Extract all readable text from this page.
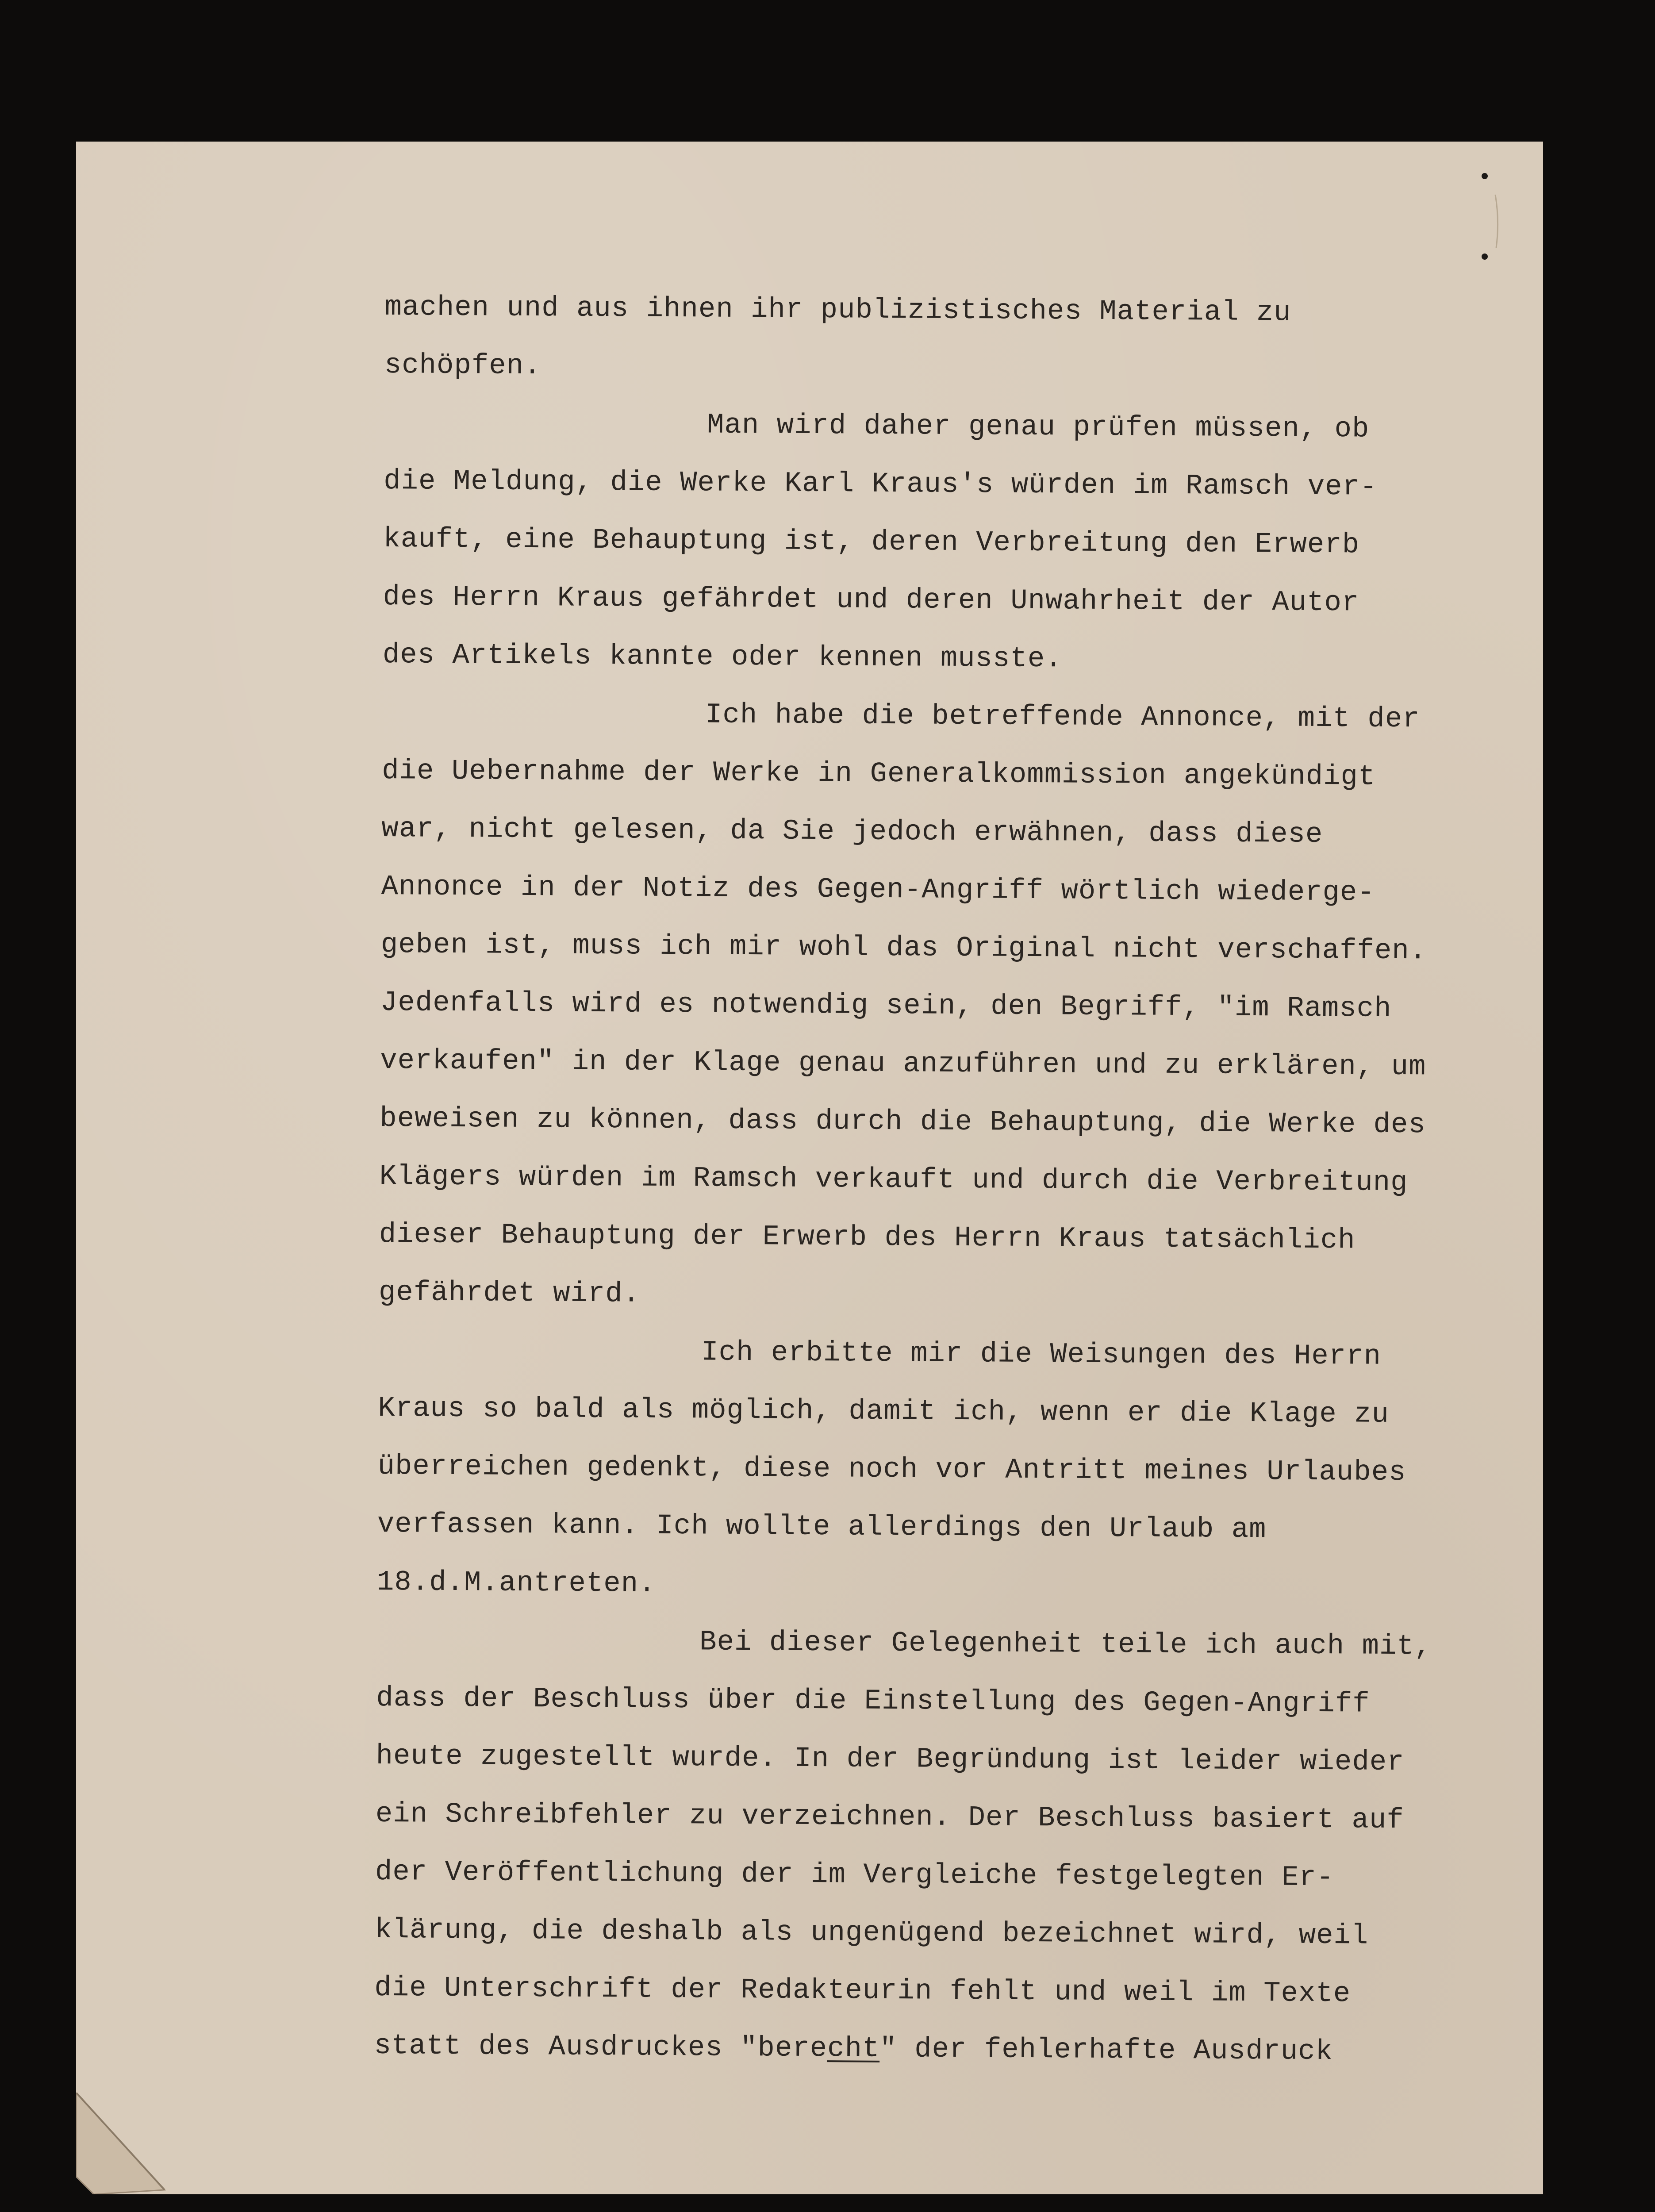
machen und aus ihnen ihr publizistisches Material zu
schöpfen.
Man wird daher genau prüfen müssen, ob
die Meldung, die Werke Karl Kraus's würden im Ramsch ver-
kauft, eine Behauptung ist, deren Verbreitung den Erwerb
des Herrn Kraus gefährdet und deren Unwahrheit der Autor
des Artikels kannte oder kennen musste.
Ich habe die betreffende Annonce, mit der
die Uebernahme der Werke in Generalkommission angekündigt
war, nicht gelesen, da Sie jedoch erwähnen, dass diese
Annonce in der Notiz des Gegen-Angriff wörtlich wiederge-
geben ist, muss ich mir wohl das Original nicht verschaffen.
Jedenfalls wird es notwendig sein, den Begriff, "im Ramsch
verkaufen" in der Klage genau anzuführen und zu erklären, um
beweisen zu können, dass durch die Behauptung, die Werke des
Klägers würden im Ramsch verkauft und durch die Verbreitung
dieser Behauptung der Erwerb des Herrn Kraus tatsächlich
gefährdet wird.
Ich erbitte mir die Weisungen des Herrn
Kraus so bald als möglich, damit ich, wenn er die Klage zu
überreichen gedenkt, diese noch vor Antritt meines Urlaubes
verfassen kann. Ich wollte allerdings den Urlaub am
18.d.M.antreten.
Bei dieser Gelegenheit teile ich auch mit,
dass der Beschluss über die Einstellung des Gegen-Angriff
heute zugestellt wurde. In der Begründung ist leider wieder
ein Schreibfehler zu verzeichnen. Der Beschluss basiert auf
der Veröffentlichung der im Vergleiche festgelegten Er-
klärung, die deshalb als ungenügend bezeichnet wird, weil
die Unterschrift der Redakteurin fehlt und weil im Texte
statt des Ausdruckes "berecht" der fehlerhafte Ausdruck
